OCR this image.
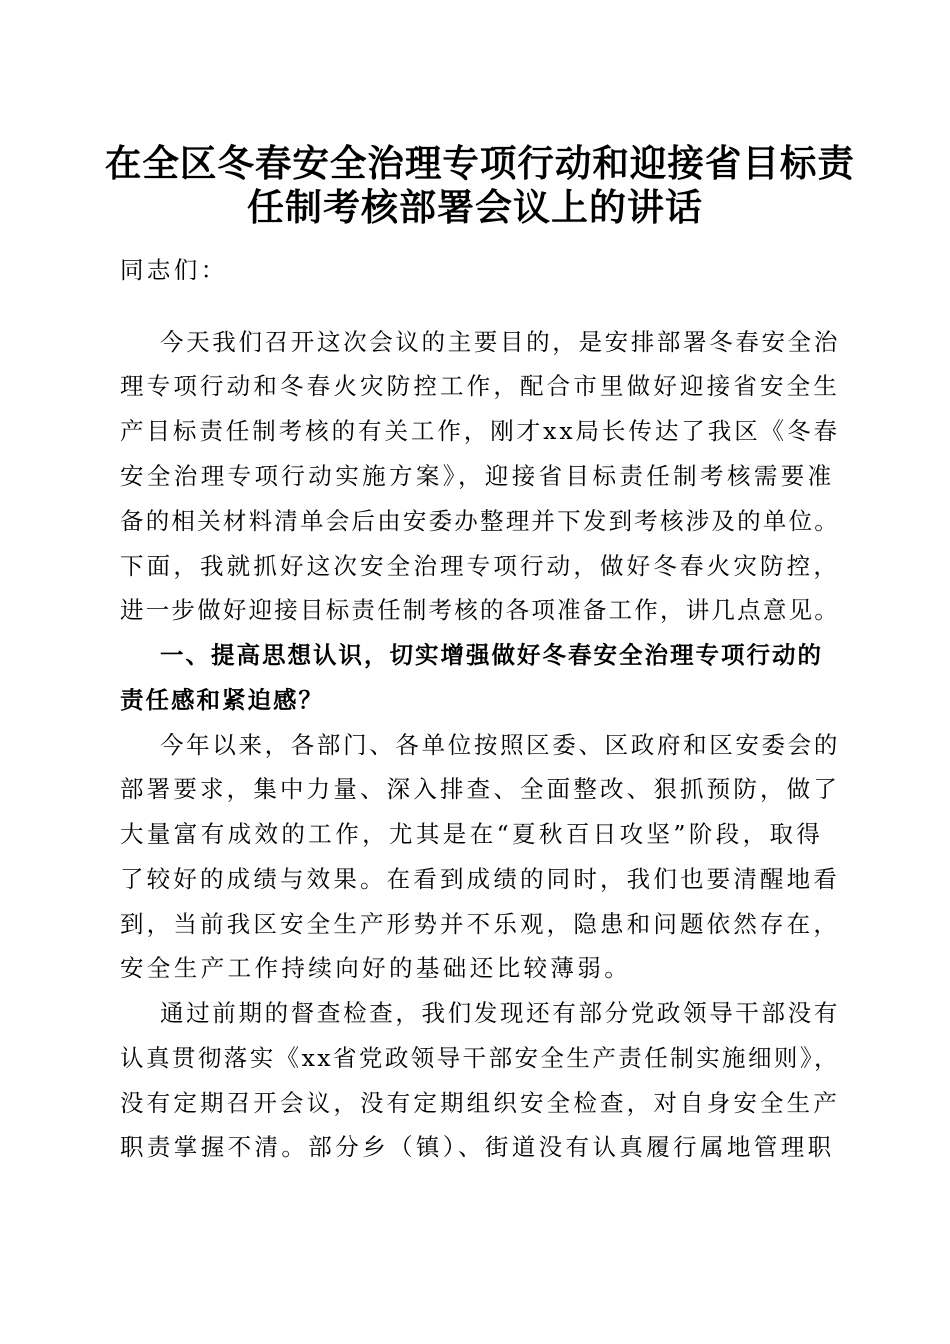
在全区冬春安全治理专项行动和迎接省目标责
任制考核部署会议上的讲话
同志们：
今天我们召开这次会议的主要目的，是安排部署冬春安全治
理专项行动和冬春火灾防控工作，配合市里做好迎接省安全生
产目标责任制考核的有关工作，刚才xx局长传达了我区《冬春
安全治理专项行动实施方案》，迎接省目标责任制考核需要准
备的相关材料清单会后由安委办整理并下发到考核涉及的单位。
下面，我就抓好这次安全治理专项行动，做好冬春火灾防控，
进一步做好迎接目标责任制考核的各项准备工作，讲几点意见。
一、提高思想认识，切实增强做好冬春安全治理专项行动的
责任感和紧迫感？
今年以来，各部门、各单位按照区委、区政府和区安委会的
部署要求，集中力量、深入排查、全面整改、狠抓预防，做了
大量富有成效的工作，尤其是在“夏秋百日攻坚”阶段，取得
了较好的成绩与效果。在看到成绩的同时，我们也要清醒地看
到，当前我区安全生产形势并不乐观，隐患和问题依然存在，
安全生产工作持续向好的基础还比较薄弱。
通过前期的督查检查，我们发现还有部分党政领导干部没有
认真贯彻落实《xx省党政领导干部安全生产责任制实施细则》，
没有定期召开会议，没有定期组织安全检查，对自身安全生产
职责掌握不清。部分乡（镇）、街道没有认真履行属地管理职
